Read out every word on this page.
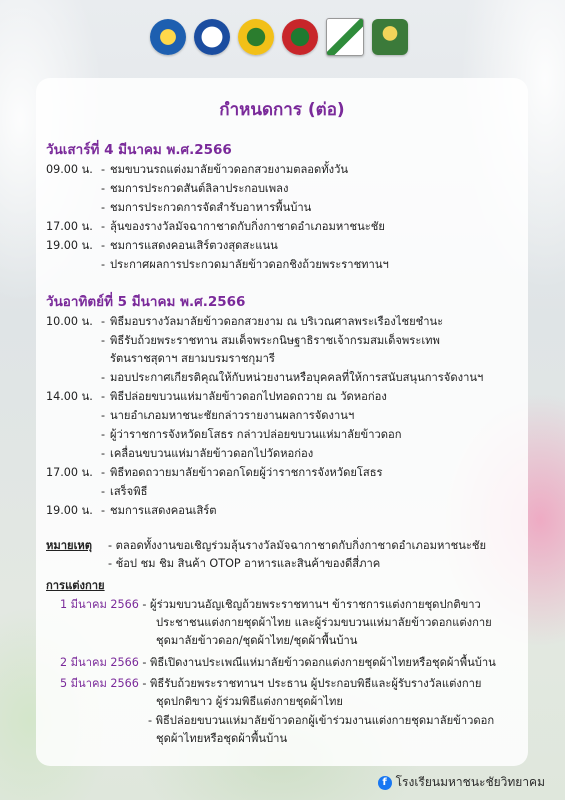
กำหนดการ (ต่อ)
วันเสาร์ที่ 4 มีนาคม พ.ศ.2566
09.00 น. - ชมขบวนรถแต่งมาลัยข้าวดอกสวยงามตลอดทั้งวัน
- ชมการประกวดสันต์ลิลาประกอบเพลง
- ชมการประกวดการจัดสำรับอาหารพื้นบ้าน
17.00 น. - ลุ้นของรางวัลมัจฉากาชาดกับกิ่งกาชาดอำเภอมหาชนะชัย
19.00 น. - ชมการแสดงคอนเสิร์ตวงสุดสะแนน
- ประกาศผลการประกวดมาลัยข้าวดอกชิงถ้วยพระราชทานฯ
วันอาทิตย์ที่ 5 มีนาคม พ.ศ.2566
10.00 น. - พิธีมอบรางวัลมาลัยข้าวดอกสวยงาม ณ บริเวณศาลพระเรืองไชยชำนะ
- พิธีรับถ้วยพระราชทาน สมเด็จพระกนิษฐาธิราชเจ้ากรมสมเด็จพระเทพ
รัตนราชสุดาฯ สยามบรมราชกุมารี
- มอบประกาศเกียรติคุณให้กับหน่วยงานหรือบุคคลที่ให้การสนับสนุนการจัดงานฯ
14.00 น. - พิธีปล่อยขบวนแห่มาลัยข้าวดอกไปทอดถวาย ณ วัดหอก่อง
- นายอำเภอมหาชนะชัยกล่าวรายงานผลการจัดงานฯ
- ผู้ว่าราชการจังหวัดยโสธร กล่าวปล่อยขบวนแห่มาลัยข้าวดอก
- เคลื่อนขบวนแห่มาลัยข้าวดอกไปวัดหอก่อง
17.00 น. - พิธีทอดถวายมาลัยข้าวดอกโดยผู้ว่าราชการจังหวัดยโสธร
- เสร็จพิธี
19.00 น. - ชมการแสดงคอนเสิร์ต
หมายเหตุ - ตลอดทั้งงานขอเชิญร่วมลุ้นรางวัลมัจฉากาชาดกับกิ่งกาชาดอำเภอมหาชนะชัย
- ช้อป ชม ชิม สินค้า OTOP อาหารและสินค้าของดีสี่ภาค
การแต่งกาย
1 มีนาคม 2566 - ผู้ร่วมขบวนอัญเชิญถ้วยพระราชทานฯ ข้าราชการแต่งกายชุดปกติขาว
ประชาชนแต่งกายชุดผ้าไทย และผู้ร่วมขบวนแห่มาลัยข้าวดอกแต่งกาย
ชุดมาลัยข้าวดอก/ชุดผ้าไทย/ชุดผ้าพื้นบ้าน
2 มีนาคม 2566 - พิธีเปิดงานประเพณีแห่มาลัยข้าวดอกแต่งกายชุดผ้าไทยหรือชุดผ้าพื้นบ้าน
5 มีนาคม 2566 - พิธีรับถ้วยพระราชทานฯ ประธาน ผู้ประกอบพิธีและผู้รับรางวัลแต่งกาย
ชุดปกติขาว ผู้ร่วมพิธีแต่งกายชุดผ้าไทย
- พิธีปล่อยขบวนแห่มาลัยข้าวดอกผู้เข้าร่วมงานแต่งกายชุดมาลัยข้าวดอก
ชุดผ้าไทยหรือชุดผ้าพื้นบ้าน
f โรงเรียนมหาชนะชัยวิทยาคม
